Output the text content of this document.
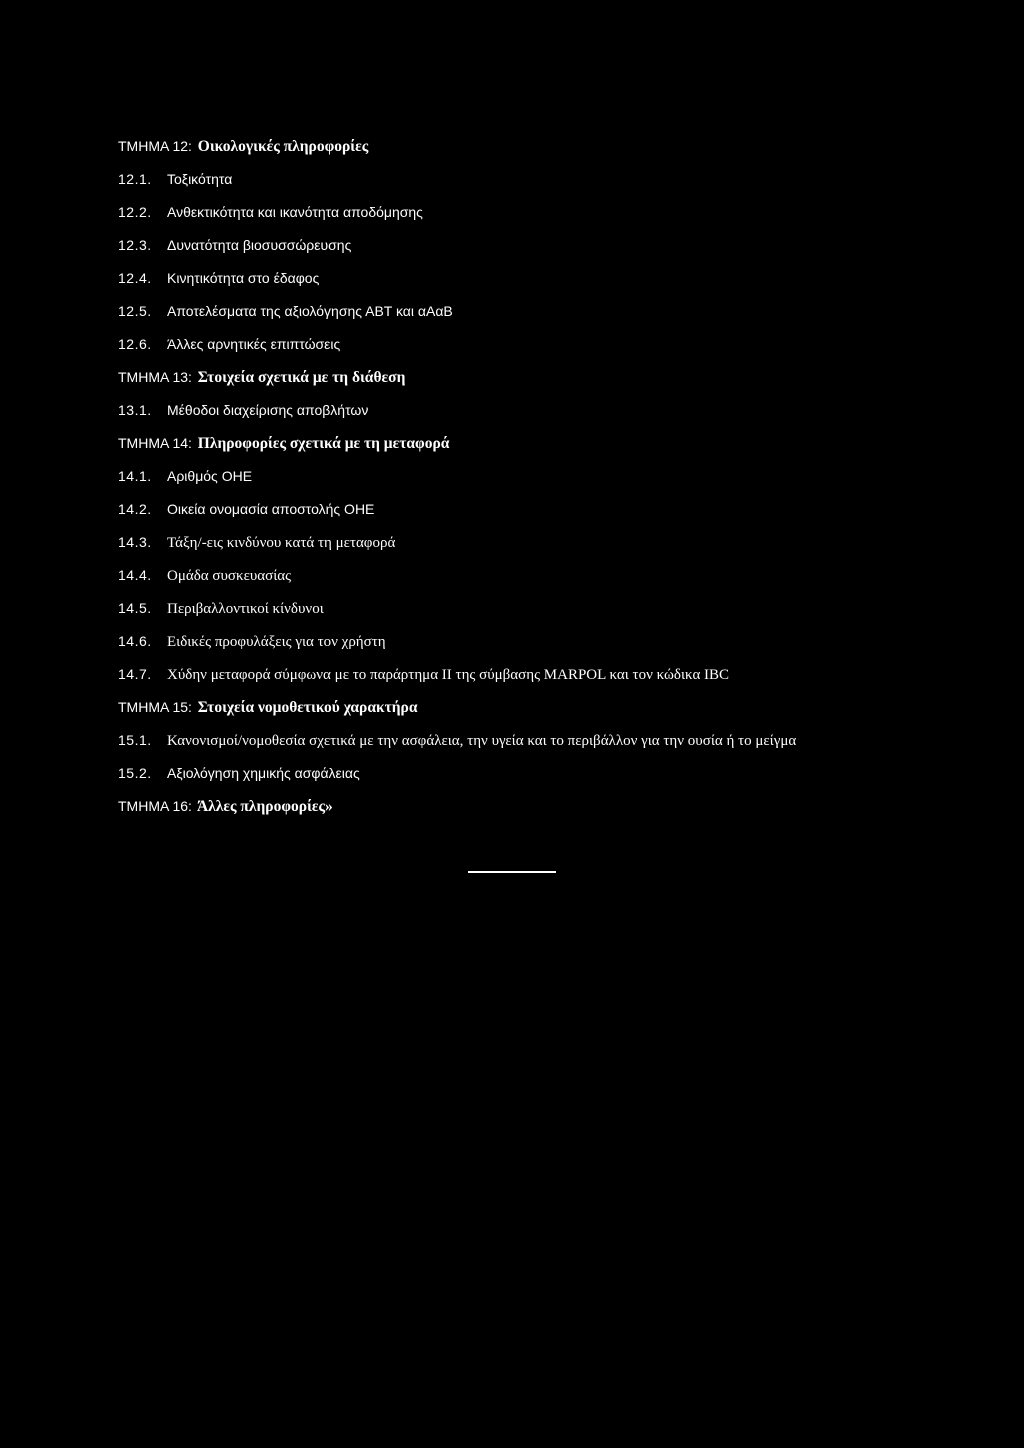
ΤΜΗΜΑ 12: Οικολογικές πληροφορίες
12.1. Τοξικότητα
12.2. Ανθεκτικότητα και ικανότητα αποδόμησης
12.3. Δυνατότητα βιοσυσσώρευσης
12.4. Κινητικότητα στο έδαφος
12.5. Αποτελέσματα της αξιολόγησης ΑΒΤ και αΑαΒ
12.6. Άλλες αρνητικές επιπτώσεις
ΤΜΗΜΑ 13: Στοιχεία σχετικά με τη διάθεση
13.1. Μέθοδοι διαχείρισης αποβλήτων
ΤΜΗΜΑ 14: Πληροφορίες σχετικά με τη μεταφορά
14.1. Αριθμός ΟΗΕ
14.2. Οικεία ονομασία αποστολής ΟΗΕ
14.3. Τάξη/-εις κινδύνου κατά τη μεταφορά
14.4. Ομάδα συσκευασίας
14.5. Περιβαλλοντικοί κίνδυνοι
14.6. Ειδικές προφυλάξεις για τον χρήστη
14.7. Χύδην μεταφορά σύμφωνα με το παράρτημα II της σύμβασης MARPOL και τον κώδικα IBC
ΤΜΗΜΑ 15: Στοιχεία νομοθετικού χαρακτήρα
15.1. Κανονισμοί/νομοθεσία σχετικά με την ασφάλεια, την υγεία και το περιβάλλον για την ουσία ή το μείγμα
15.2. Αξιολόγηση χημικής ασφάλειας
ΤΜΗΜΑ 16: Άλλες πληροφορίες»
